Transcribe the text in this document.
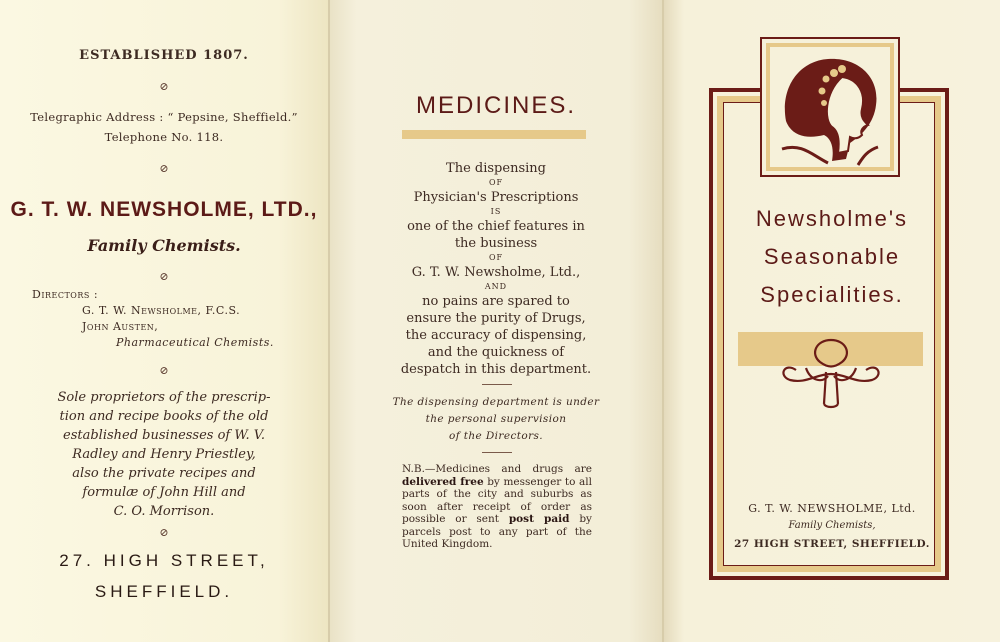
ESTABLISHED 1807.
⊘
Telegraphic Address : “ Pepsine, Sheffield.”
Telephone No. 118.
⊘
G. T. W. NEWSHOLME, LTD.,
Family Chemists.
⊘
Directors :
G. T. W. Newsholme, F.C.S.
John Austen,
Pharmaceutical Chemists.
⊘
Sole proprietors of the prescrip-
tion and recipe books of the old
established businesses of W. V.
Radley and Henry Priestley,
also the private recipes and
formulæ of John Hill and
C. O. Morrison.
⊘
27. HIGH STREET,
SHEFFIELD.
MEDICINES.
The dispensing
OF
Physician's Prescriptions
IS
one of the chief features in
the business
OF
G. T. W. Newsholme, Ltd.,
AND
no pains are spared to
ensure the purity of Drugs,
the accuracy of dispensing,
and the quickness of
despatch in this department.
The dispensing department is under
the personal supervision
of the Directors.
N.B.—Medicines and drugs are delivered free by messenger to all parts of the city and suburbs as soon after receipt of order as possible or sent post paid by parcels post to any part of the United Kingdom.
Newsholme's
Seasonable
Specialities.
G. T. W. NEWSHOLME, Ltd.
Family Chemists,
27 HIGH STREET, SHEFFIELD.
